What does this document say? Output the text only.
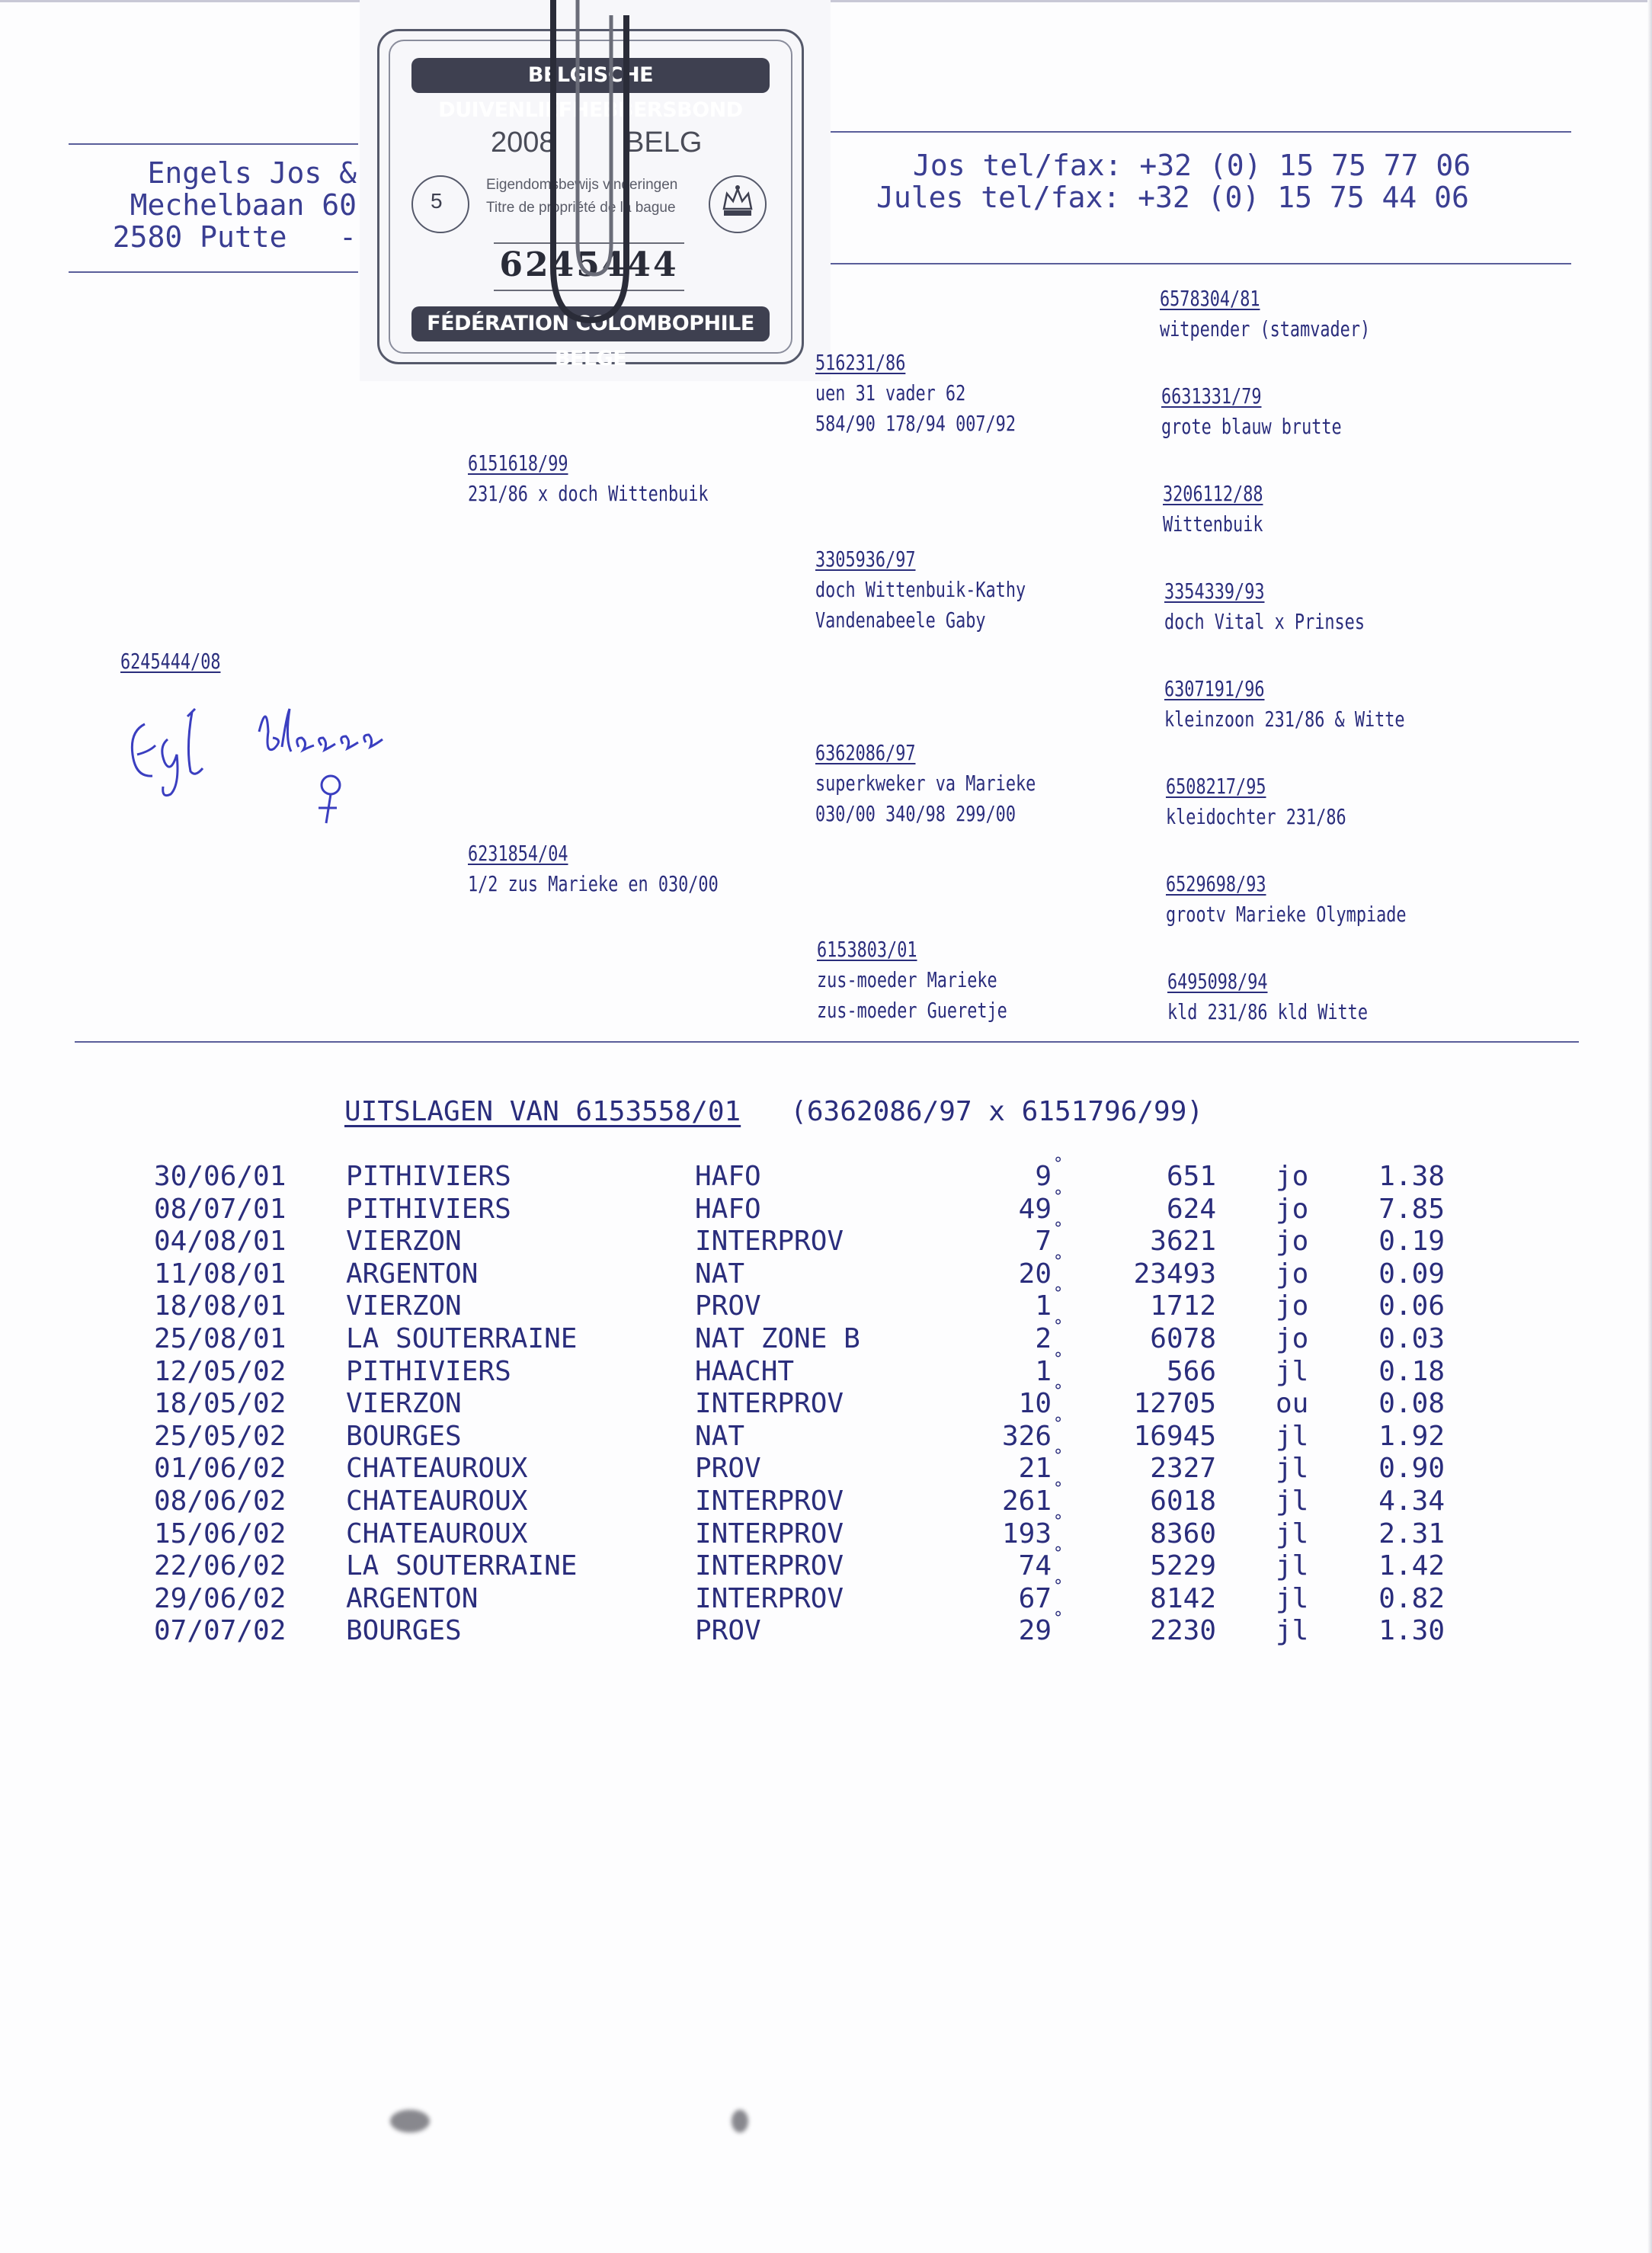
Engels Jos &
Mechelbaan 60
2580 Putte   -
Jos tel/fax: +32 (0) 15 75 77 06
Jules tel/fax: +32 (0) 15 75 44 06
BELGISCHE DUIVENLIEFHEBBERSBOND
2008 BELG
Eigendomsbewijs vinderingen
Titre de propriété de la bague
5
6245444
FÉDÉRATION COLOMBOPHILE BELGE
6245444/08
6151618/99
231/86 x doch Wittenbuik
6231854/04
1/2 zus Marieke en 030/00
516231/86
uen 31 vader 62
584/90 178/94 007/92
3305936/97
doch Wittenbuik-Kathy
Vandenabeele Gaby
6362086/97
superkweker va Marieke
030/00 340/98 299/00
6153803/01
zus-moeder Marieke
zus-moeder Gueretje
6578304/81
witpender (stamvader)
6631331/79
grote blauw brutte
3206112/88
Wittenbuik
3354339/93
doch Vital x Prinses
6307191/96
kleinzoon 231/86 & Witte
6508217/95
kleidochter 231/86
6529698/93
grootv Marieke Olympiade
6495098/94
kld 231/86 kld Witte
UITSLAGEN VAN 6153558/01 (6362086/97 x 6151796/99)
30/06/01 PITHIVIERS	HAFO	9 °	651 jo	1.38
08/07/01 PITHIVIERS	HAFO	49 °	624 jo	7.85
04/08/01 VIERZON	INTERPROV	7 °	3621 jo	0.19
11/08/01 ARGENTON	NAT	20 °	23493 jo	0.09
18/08/01 VIERZON	PROV	1 °	1712 jo	0.06
25/08/01 LA SOUTERRAINE	NAT ZONE B	2 °	6078 jo	0.03
12/05/02 PITHIVIERS	HAACHT	1 °	566 jl	0.18
18/05/02 VIERZON	INTERPROV	10 °	12705 ou	0.08
25/05/02 BOURGES	NAT	326 °	16945 jl	1.92
01/06/02 CHATEAUROUX	PROV	21 °	2327 jl	0.90
08/06/02 CHATEAUROUX	INTERPROV	261 °	6018 jl	4.34
15/06/02 CHATEAUROUX	INTERPROV	193 °	8360 jl	2.31
22/06/02 LA SOUTERRAINE	INTERPROV	74 °	5229 jl	1.42
29/06/02 ARGENTON	INTERPROV	67 °	8142 jl	0.82
07/07/02 BOURGES	PROV	29 °	2230 jl	1.30
